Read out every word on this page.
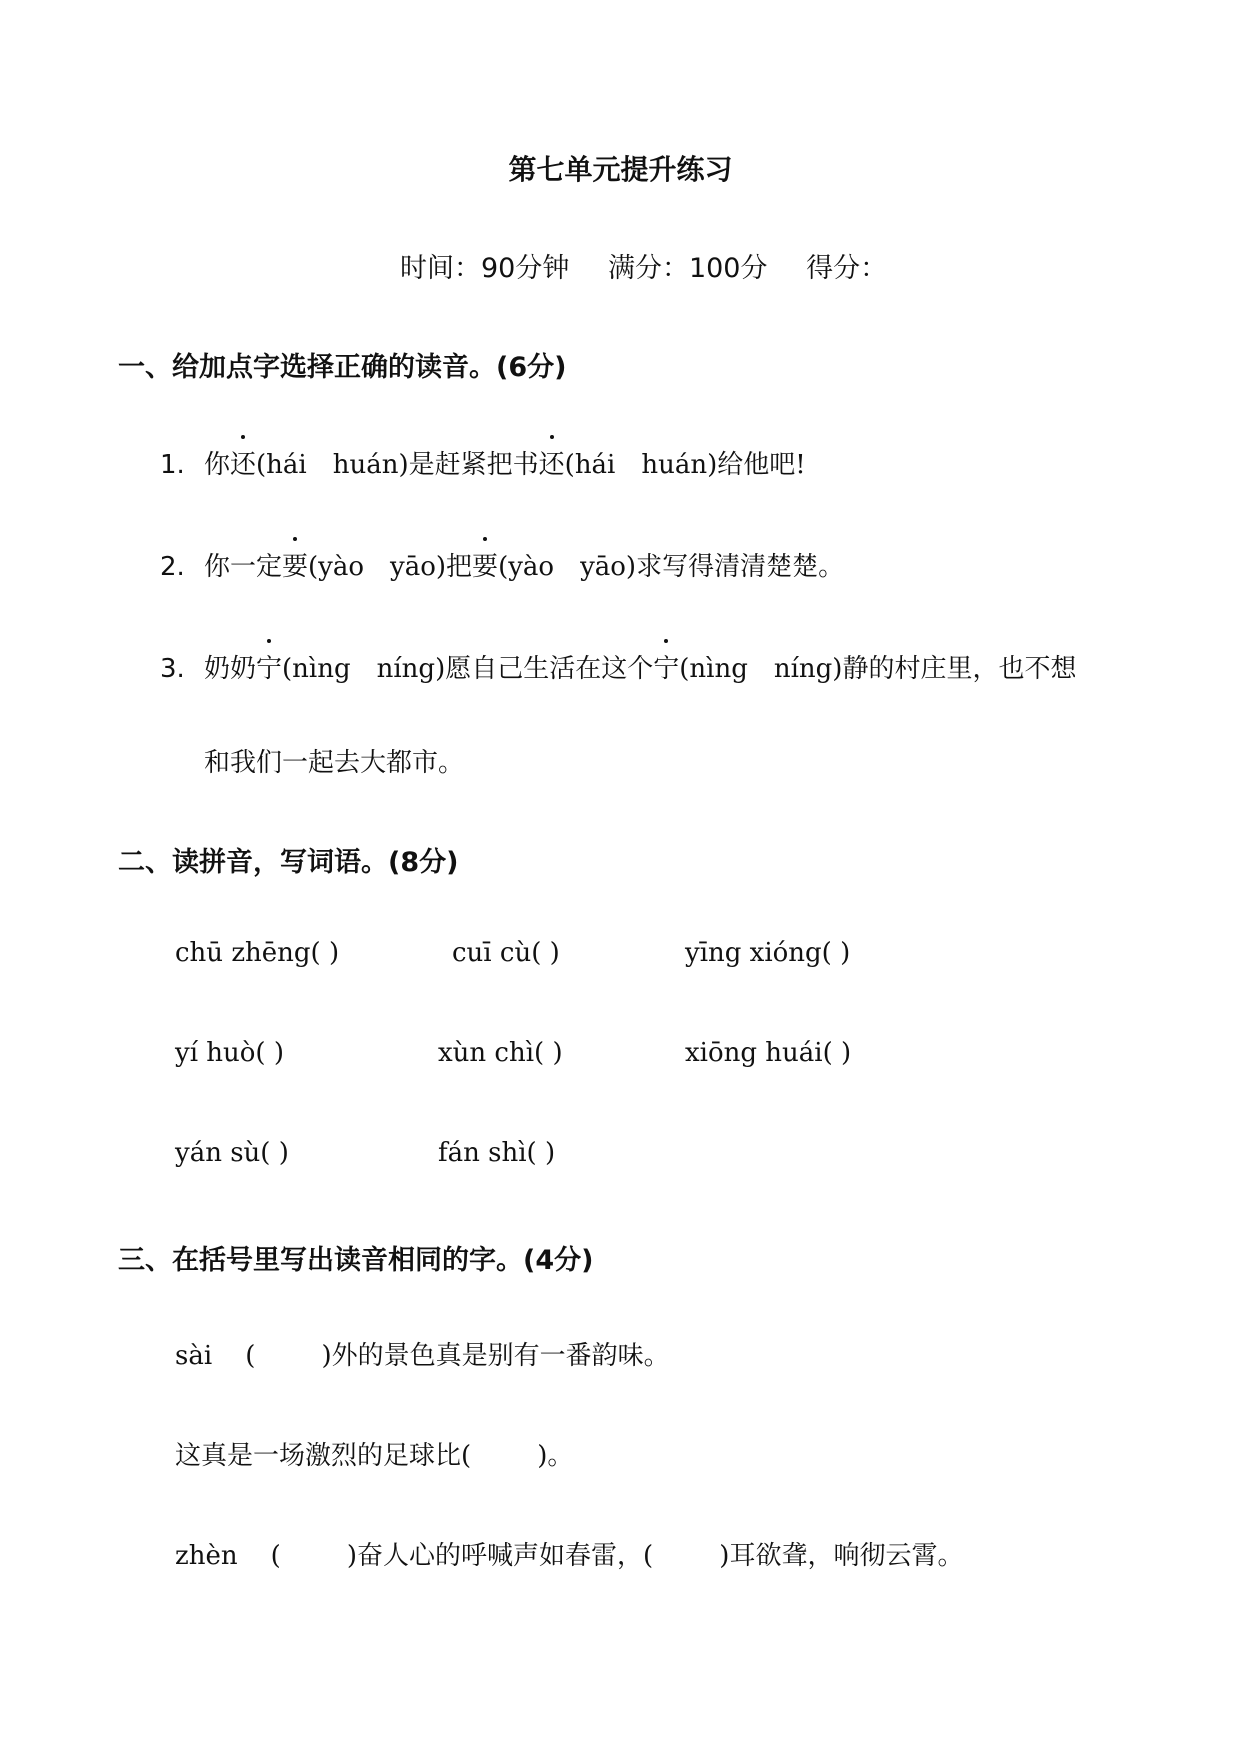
第七单元提升练习
时间：90分钟 满分：100分 得分：
一、给加点字选择正确的读音。(6分)
1. 你还(hái huán)是赶紧把书还(hái huán)给他吧!
2. 你一定要(yào yāo)把要(yào yāo)求写得清清楚楚。
3. 奶奶宁(nìng níng)愿自己生活在这个宁(nìng níng)静的村庄里，也不想
和我们一起去大都市。
二、读拼音，写词语。(8分)
chū zhēng( )	cuī cù( )	yīng xióng( )
yí huò( )	xùn chì( )	xiōng huái( )
yán sù( )	fán shì( )
三、在括号里写出读音相同的字。(4分)
sài    (        )外的景色真是别有一番韵味。
这真是一场激烈的足球比(        )。
zhèn    (        )奋人心的呼喊声如春雷，(        )耳欲聋，响彻云霄。
